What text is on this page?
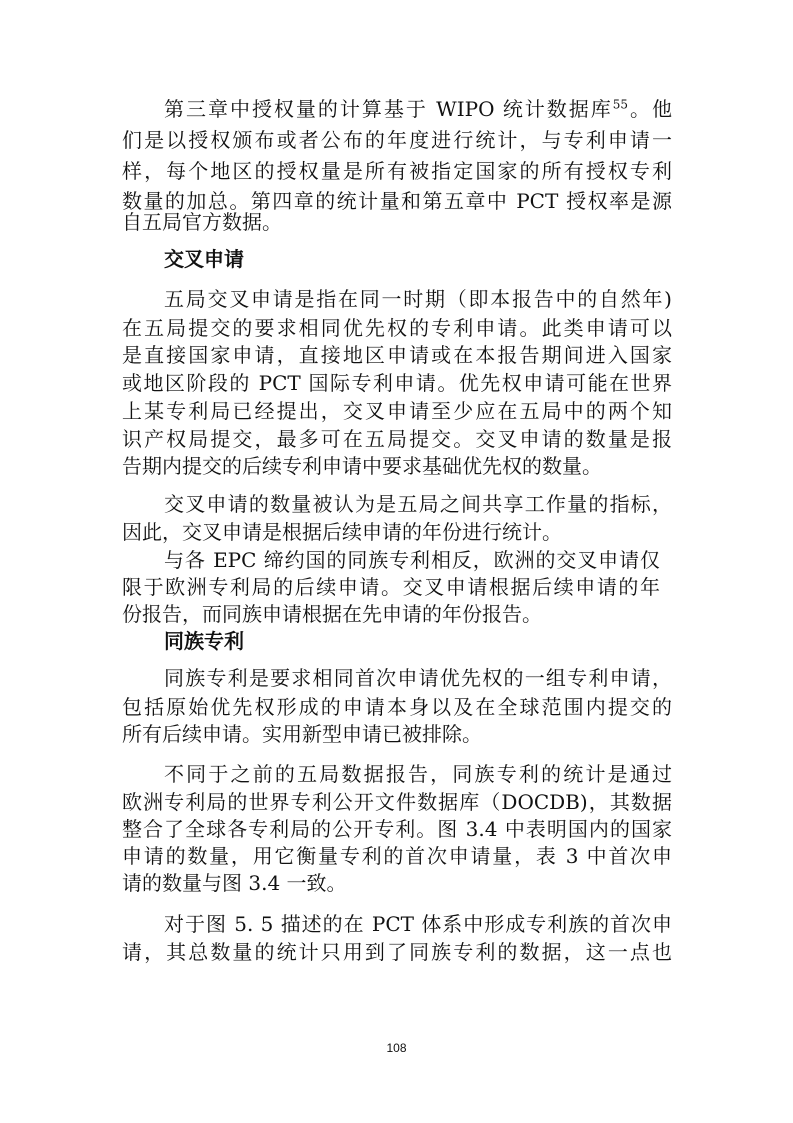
第三章中授权量的计算基于 WIPO 统计数据库$^{55}$。他
们是以授权颁布或者公布的年度进行统计，与专利申请一
样，每个地区的授权量是所有被指定国家的所有授权专利
数量的加总。第四章的统计量和第五章中 PCT 授权率是源
自五局官方数据。
交叉申请
五局交叉申请是指在同一时期（即本报告中的自然年)
在五局提交的要求相同优先权的专利申请。此类申请可以
是直接国家申请，直接地区申请或在本报告期间进入国家
或地区阶段的 PCT 国际专利申请。优先权申请可能在世界
上某专利局已经提出，交叉申请至少应在五局中的两个知
识产权局提交，最多可在五局提交。交叉申请的数量是报
告期内提交的后续专利申请中要求基础优先权的数量。
交叉申请的数量被认为是五局之间共享工作量的指标，
因此，交叉申请是根据后续申请的年份进行统计。
与各 EPC 缔约国的同族专利相反，欧洲的交叉申请仅
限于欧洲专利局的后续申请。交叉申请根据后续申请的年
份报告，而同族申请根据在先申请的年份报告。
同族专利
同族专利是要求相同首次申请优先权的一组专利申请，
包括原始优先权形成的申请本身以及在全球范围内提交的
所有后续申请。实用新型申请已被排除。
不同于之前的五局数据报告，同族专利的统计是通过
欧洲专利局的世界专利公开文件数据库（DOCDB)，其数据
整合了全球各专利局的公开专利。图 3.4 中表明国内的国家
申请的数量，用它衡量专利的首次申请量，表 3 中首次申
请的数量与图 3.4 一致。
对于图 5. 5 描述的在 PCT 体系中形成专利族的首次申
请，其总数量的统计只用到了同族专利的数据，这一点也
108
